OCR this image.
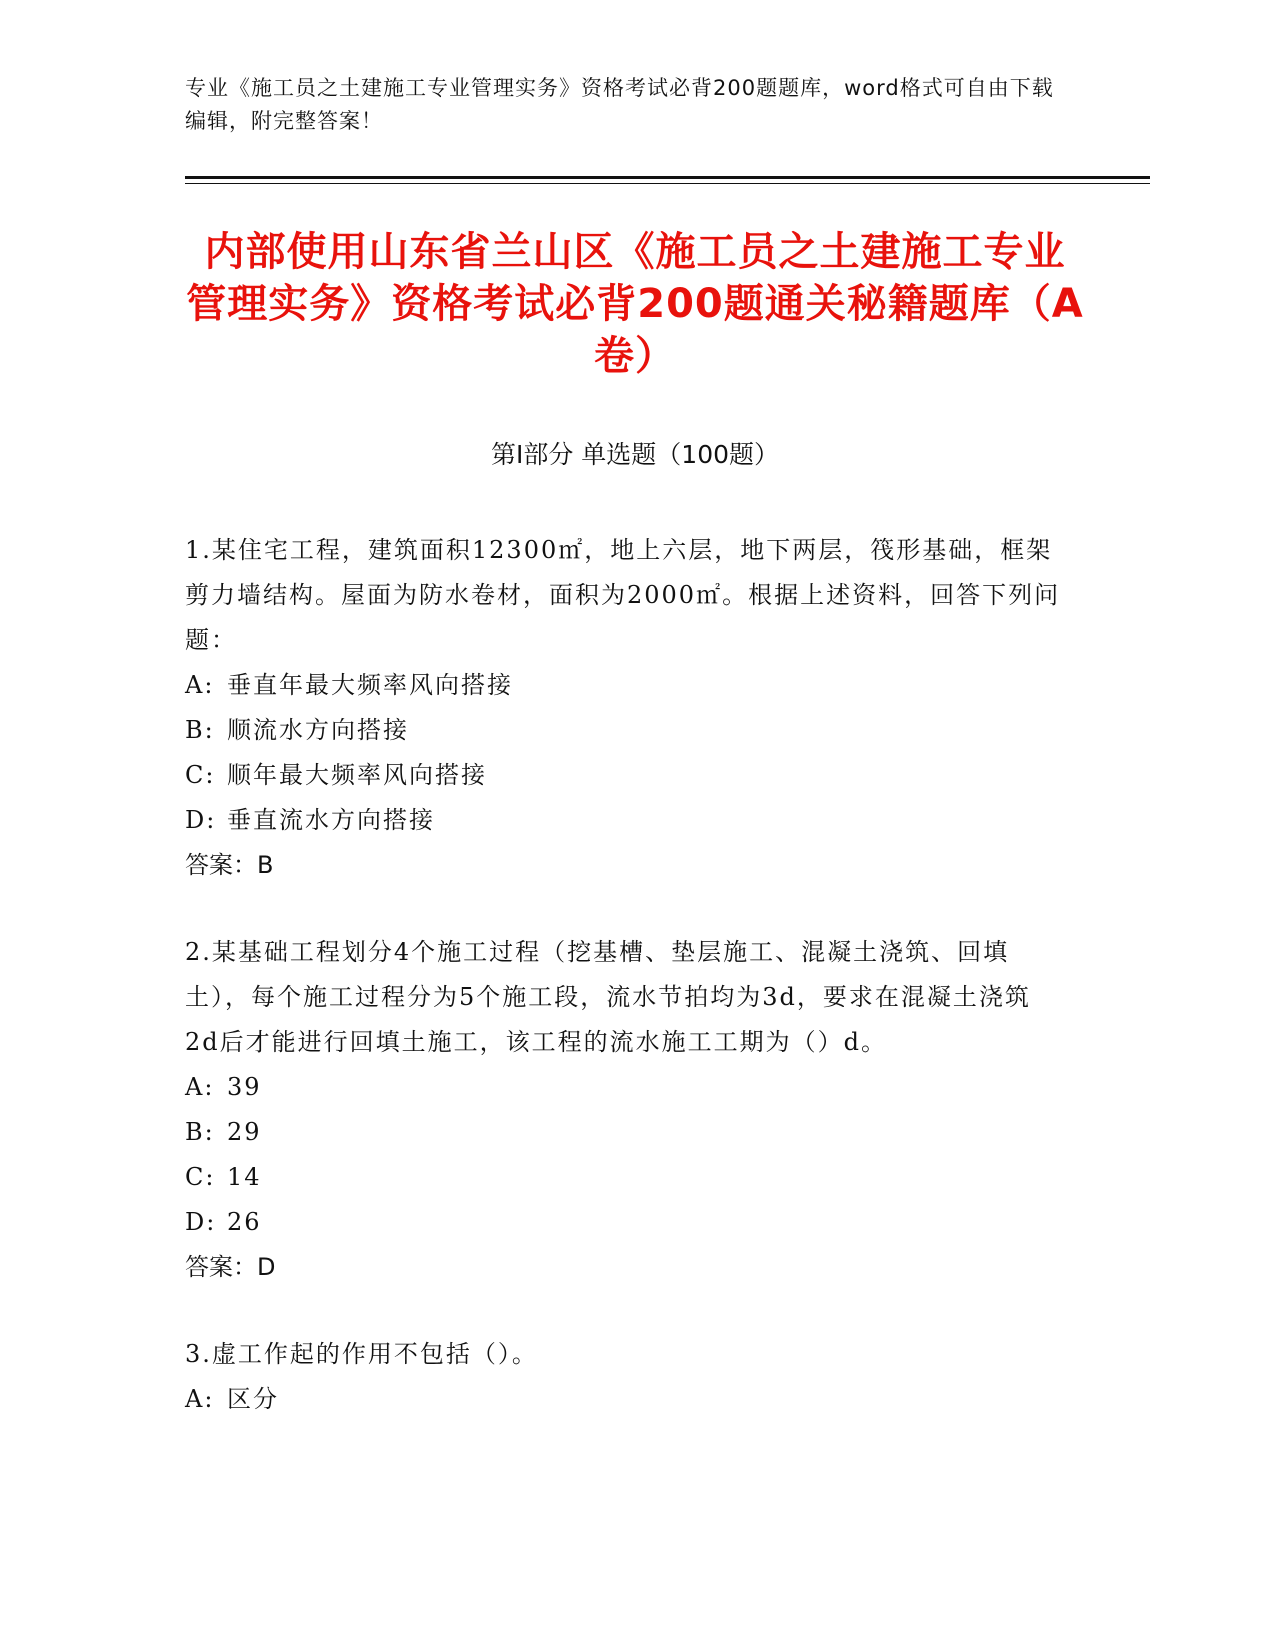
专业《施工员之土建施工专业管理实务》资格考试必背200题题库，word格式可自由下载编辑，附完整答案！
内部使用山东省兰山区《施工员之土建施工专业管理实务》资格考试必背200题通关秘籍题库（A卷）
第I部分 单选题（100题）

1.某住宅工程，建筑面积12300㎡，地上六层，地下两层，筏形基础，框架剪力墙结构。屋面为防水卷材，面积为2000㎡。根据上述资料，回答下列问题：

A: 垂直年最大频率风向搭接

B: 顺流水方向搭接

C: 顺年最大频率风向搭接

D: 垂直流水方向搭接

答案：B

2.某基础工程划分4个施工过程（挖基槽、垫层施工、混凝土浇筑、回填土），每个施工过程分为5个施工段，流水节拍均为3d，要求在混凝土浇筑2d后才能进行回填土施工，该工程的流水施工工期为（）d。

A: 39

B: 29

C: 14

D: 26

答案：D

3.虚工作起的作用不包括（）。

A: 区分
